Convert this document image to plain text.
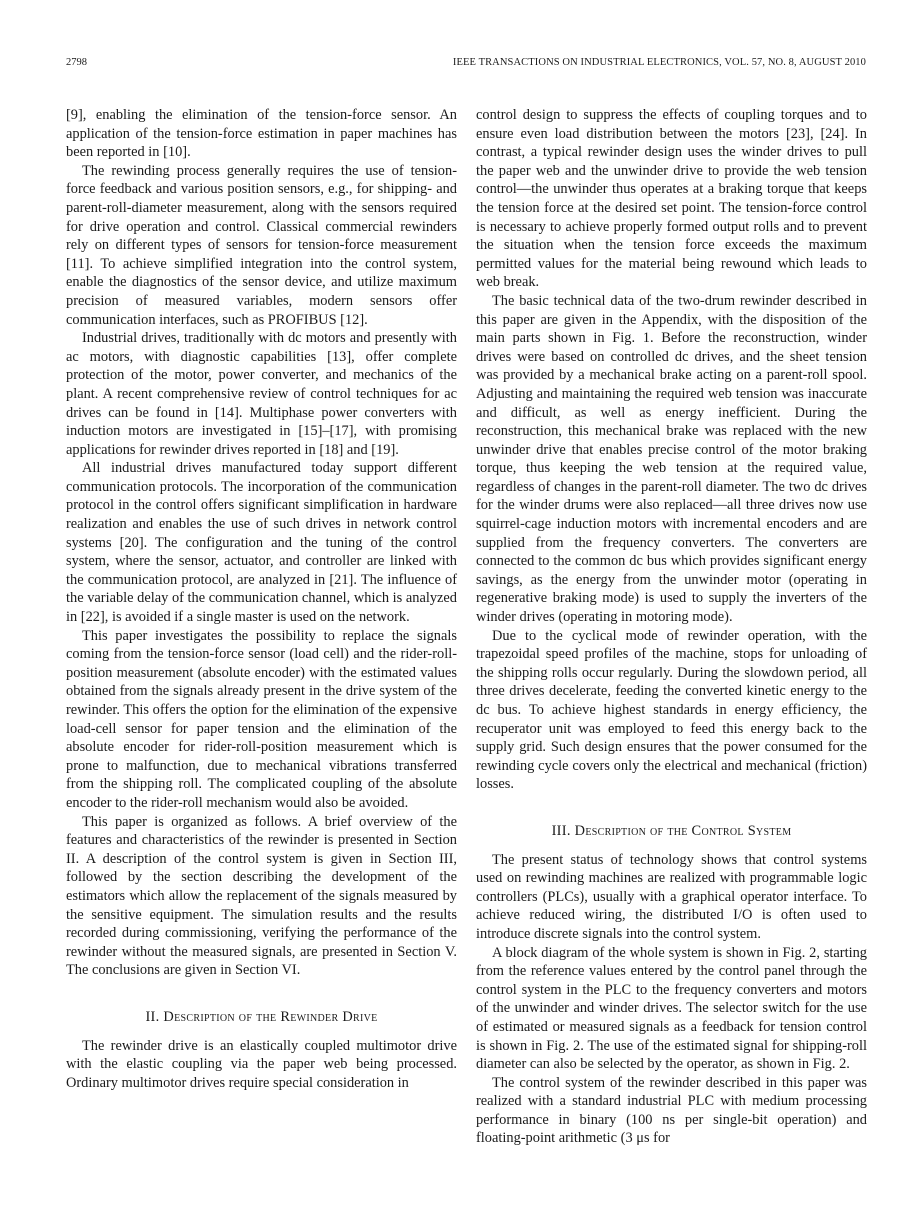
2798	IEEE TRANSACTIONS ON INDUSTRIAL ELECTRONICS, VOL. 57, NO. 8, AUGUST 2010

[9], enabling the elimination of the tension-force sensor. An application of the tension-force estimation in paper machines has been reported in [10].

The rewinding process generally requires the use of tension-force feedback and various position sensors, e.g., for shipping- and parent-roll-diameter measurement, along with the sensors required for drive operation and control. Classical commercial rewinders rely on different types of sensors for tension-force measurement [11]. To achieve simplified integration into the control system, enable the diagnostics of the sensor device, and utilize maximum precision of measured variables, modern sensors offer communication interfaces, such as PROFIBUS [12].

Industrial drives, traditionally with dc motors and presently with ac motors, with diagnostic capabilities [13], offer complete protection of the motor, power converter, and mechanics of the plant. A recent comprehensive review of control techniques for ac drives can be found in [14]. Multiphase power converters with induction motors are investigated in [15]–[17], with promising applications for rewinder drives reported in [18] and [19].

All industrial drives manufactured today support different communication protocols. The incorporation of the communication protocol in the control offers significant simplification in hardware realization and enables the use of such drives in network control systems [20]. The configuration and the tuning of the control system, where the sensor, actuator, and controller are linked with the communication protocol, are analyzed in [21]. The influence of the variable delay of the communication channel, which is analyzed in [22], is avoided if a single master is used on the network.

This paper investigates the possibility to replace the signals coming from the tension-force sensor (load cell) and the rider-roll-position measurement (absolute encoder) with the estimated values obtained from the signals already present in the drive system of the rewinder. This offers the option for the elimination of the expensive load-cell sensor for paper tension and the elimination of the absolute encoder for rider-roll-position measurement which is prone to malfunction, due to mechanical vibrations transferred from the shipping roll. The complicated coupling of the absolute encoder to the rider-roll mechanism would also be avoided.

This paper is organized as follows. A brief overview of the features and characteristics of the rewinder is presented in Section II. A description of the control system is given in Section III, followed by the section describing the development of the estimators which allow the replacement of the signals measured by the sensitive equipment. The simulation results and the results recorded during commissioning, verifying the performance of the rewinder without the measured signals, are presented in Section V. The conclusions are given in Section VI.

II. Description of the Rewinder Drive

The rewinder drive is an elastically coupled multimotor drive with the elastic coupling via the paper web being processed. Ordinary multimotor drives require special consideration in

control design to suppress the effects of coupling torques and to ensure even load distribution between the motors [23], [24]. In contrast, a typical rewinder design uses the winder drives to pull the paper web and the unwinder drive to provide the web tension control—the unwinder thus operates at a braking torque that keeps the tension force at the desired set point. The tension-force control is necessary to achieve properly formed output rolls and to prevent the situation when the tension force exceeds the maximum permitted values for the material being rewound which leads to web break.

The basic technical data of the two-drum rewinder described in this paper are given in the Appendix, with the disposition of the main parts shown in Fig. 1. Before the reconstruction, winder drives were based on controlled dc drives, and the sheet tension was provided by a mechanical brake acting on a parent-roll spool. Adjusting and maintaining the required web tension was inaccurate and difficult, as well as energy inefficient. During the reconstruction, this mechanical brake was replaced with the new unwinder drive that enables precise control of the motor braking torque, thus keeping the web tension at the required value, regardless of changes in the parent-roll diameter. The two dc drives for the winder drums were also replaced—all three drives now use squirrel-cage induction motors with incremental encoders and are supplied from the frequency converters. The converters are connected to the common dc bus which provides significant energy savings, as the energy from the unwinder motor (operating in regenerative braking mode) is used to supply the inverters of the winder drives (operating in motoring mode).

Due to the cyclical mode of rewinder operation, with the trapezoidal speed profiles of the machine, stops for unloading of the shipping rolls occur regularly. During the slowdown period, all three drives decelerate, feeding the converted kinetic energy to the dc bus. To achieve highest standards in energy efficiency, the recuperator unit was employed to feed this energy back to the supply grid. Such design ensures that the power consumed for the rewinding cycle covers only the electrical and mechanical (friction) losses.

III. Description of the Control System

The present status of technology shows that control systems used on rewinding machines are realized with programmable logic controllers (PLCs), usually with a graphical operator interface. To achieve reduced wiring, the distributed I/O is often used to introduce discrete signals into the control system.

A block diagram of the whole system is shown in Fig. 2, starting from the reference values entered by the control panel through the control system in the PLC to the frequency converters and motors of the unwinder and winder drives. The selector switch for the use of estimated or measured signals as a feedback for tension control is shown in Fig. 2. The use of the estimated signal for shipping-roll diameter can also be selected by the operator, as shown in Fig. 2.

The control system of the rewinder described in this paper was realized with a standard industrial PLC with medium processing performance in binary (100 ns per single-bit operation) and floating-point arithmetic (3 μs for
